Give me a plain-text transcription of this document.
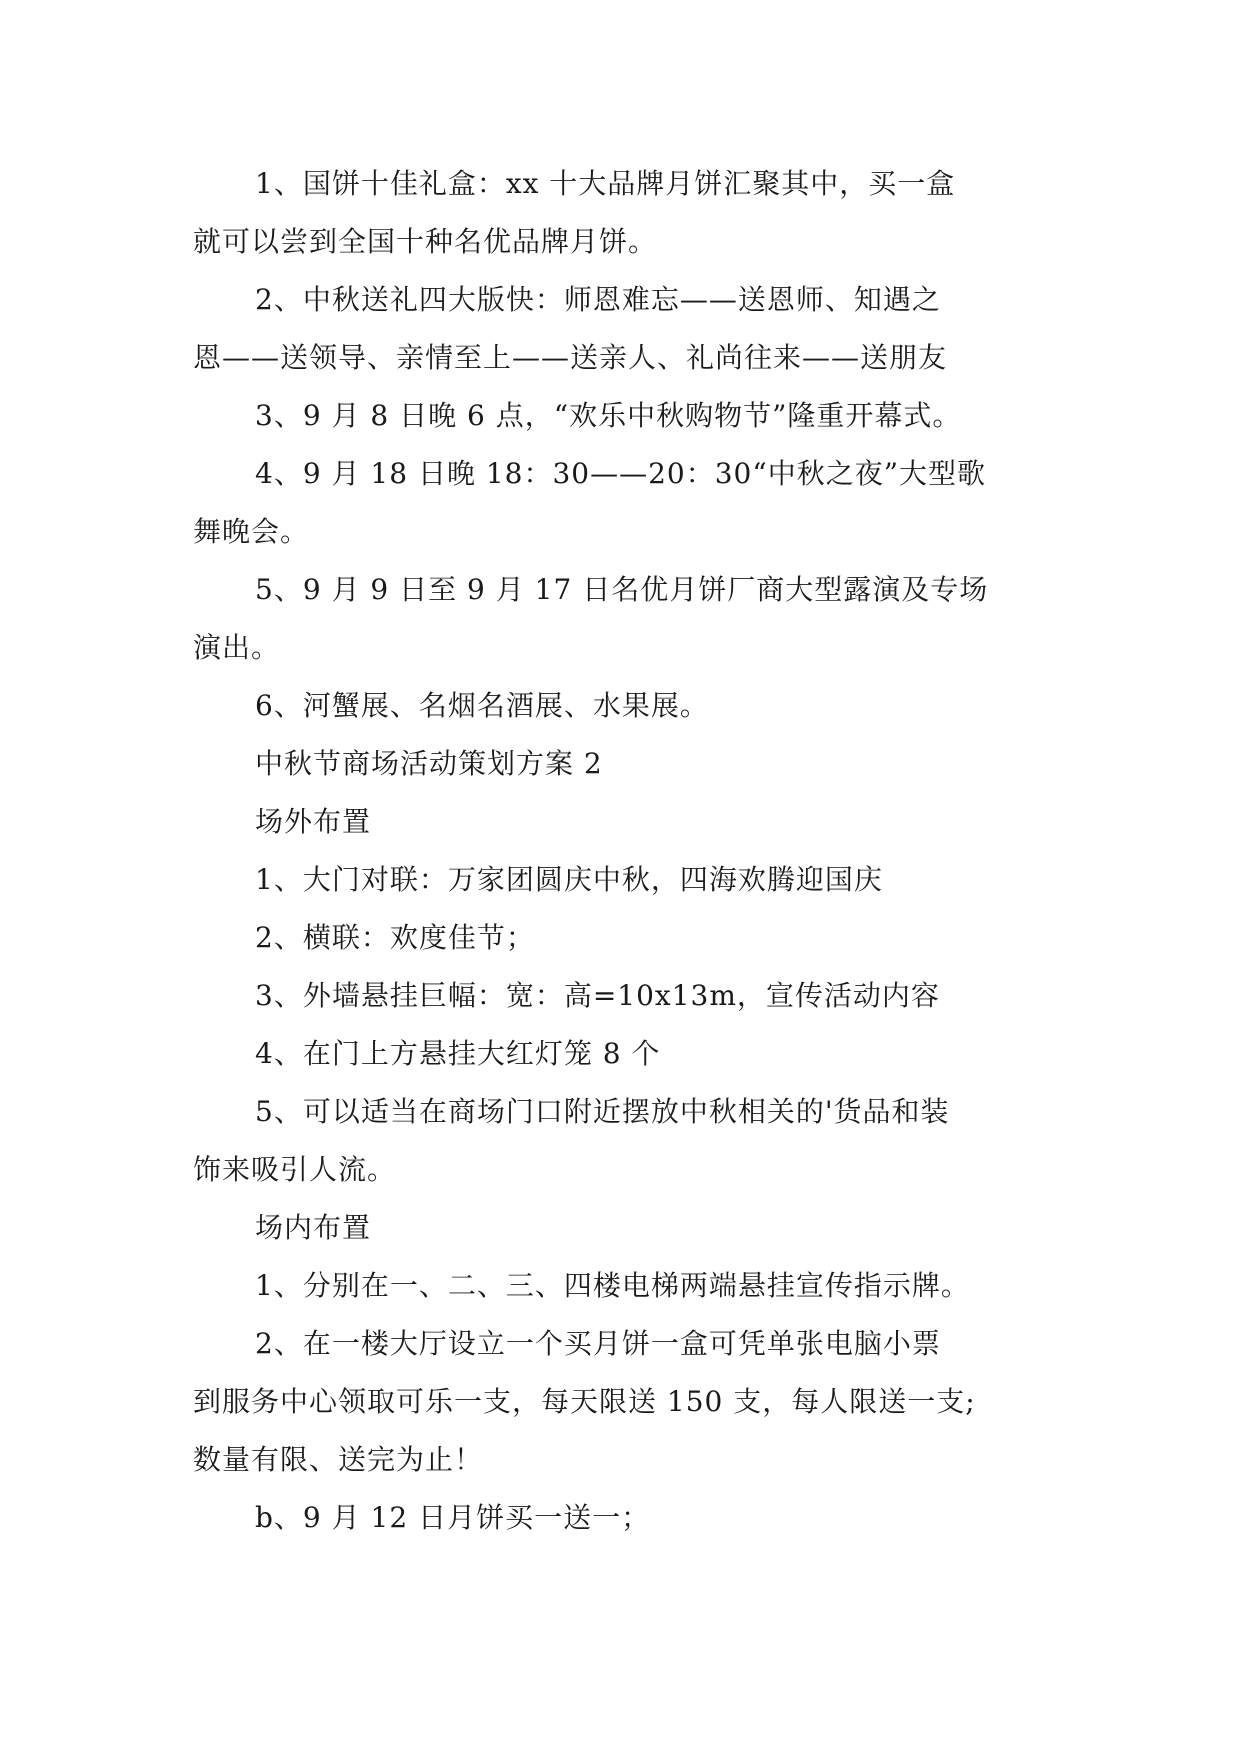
1、国饼十佳礼盒：xx 十大品牌月饼汇聚其中，买一盒
就可以尝到全国十种名优品牌月饼。
2、中秋送礼四大版快：师恩难忘——送恩师、知遇之
恩——送领导、亲情至上——送亲人、礼尚往来——送朋友
3、9 月 8 日晚 6 点，“欢乐中秋购物节”隆重开幕式。
4、9 月 18 日晚 18：30——20：30“中秋之夜”大型歌
舞晚会。
5、9 月 9 日至 9 月 17 日名优月饼厂商大型露演及专场
演出。
6、河蟹展、名烟名酒展、水果展。
中秋节商场活动策划方案 2
场外布置
1、大门对联：万家团圆庆中秋，四海欢腾迎国庆
2、横联：欢度佳节；
3、外墙悬挂巨幅：宽：高=10x13m，宣传活动内容
4、在门上方悬挂大红灯笼 8 个
5、可以适当在商场门口附近摆放中秋相关的'货品和装
饰来吸引人流。
场内布置
1、分别在一、二、三、四楼电梯两端悬挂宣传指示牌。
2、在一楼大厅设立一个买月饼一盒可凭单张电脑小票
到服务中心领取可乐一支，每天限送 150 支，每人限送一支;
数量有限、送完为止！
b、9 月 12 日月饼买一送一；
